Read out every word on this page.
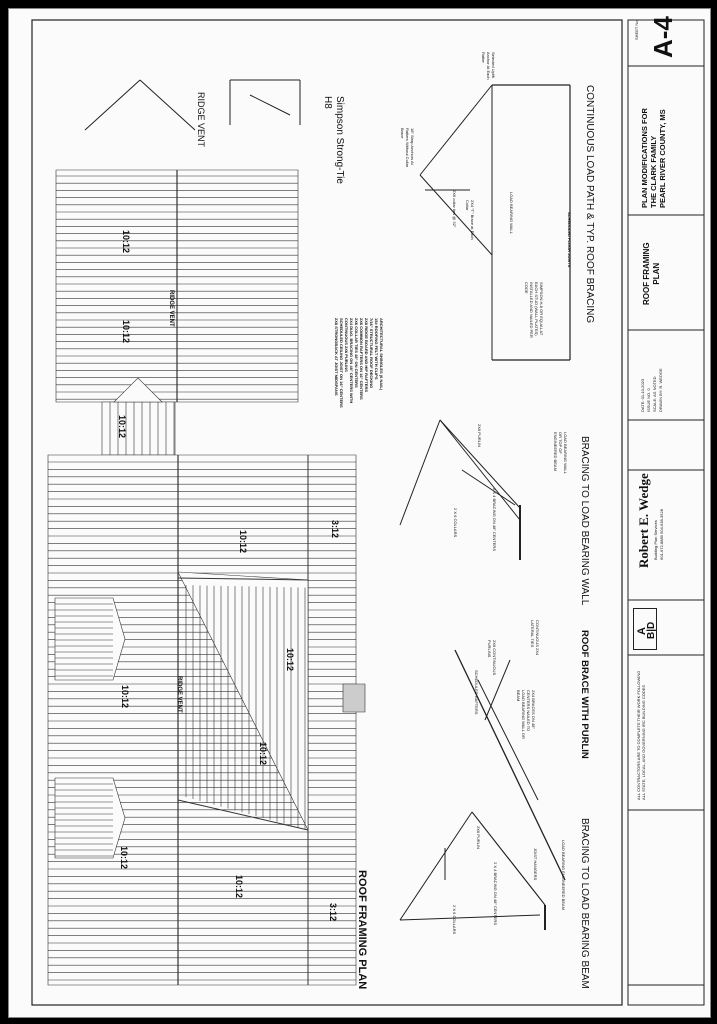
A-4
SHEET No.
PLAN MODIFICATIONS FOR THE CLARK FAMILY PEARL RIVER COUNTY, MS
ROOF FRAMING PLAN
DATE: 01-10-2023 ISSUE NO. 0 SCALE: AS NOTED DRAWN BY: R. WEDGE
Robert E. Wedge Building Plan Services 601-672-8889 504-638-3528
A
B|D
ALL CONTRACTORS ARE TO COMPLETE THEIR WORK FOLLOWING ALL STATE, LOCAL, AND GOVERNING IRC BUILDING CODES
ROOF FRAMING PLAN
RIDGE VENT
RIDGE VENT
10:12
10:12
10:12
10:12
3:12
10:12
10:12
10:12
10:12
10:12
3:12
ARCHITECTURAL SHINGLES (6 NAIL)
15# ROOFING FELT WITH CLIPS
7/16" STRUCTURAL ROOF DECKING
2X8 RIDGE BOARD AND HIP RAFTERS
2X6 COMMON RAFTERS ON 16" CENTERS
2X6 COLLAR TIES 48" ON CENTERS
2X4 DIAG. BRACING ON 48" CENTERS WITH
CONTINUOUS 2X6 PURLINS
SCHEDULED CEILING JOIST ON 16" CENTERS
2X8 STRONGBACK AT JOIST MIDSPANS
BRACING TO LOAD BEARING BEAM
BRACING TO LOAD BEARING WALL
ROOF BRACE WITH PURLIN
CONTINUOUS LOAD PATH & TYP. ROOF BRACING
Simpson Strong-Tie
H8
RIDGE VENT
2 X 6 COLLARS	2 X 4 BRACING ON 48" CENTERS
2X6 PURLIN
JOIST HANGERS	LOAD BEARING ENGINEERED BEAM
SCHEDULED RAFTERS
2X6 CONTINUOUS PURLINS	CONTINUOUS 2X4 LATERAL TIES
2X4 BRACES ON 48" CENTERS NAILED TO LOAD BEARING WALL OR BEAM
2 X 6 COLLARS	2 X 4 BRACING ON 48" CENTERS
2X6 PURLIN	LOAD BEARING WALL OR TOP OF ENGINEERED BEAM
18" Strap Anchors At Rafters Without Collar Brace
2X6 collar ties @ 32"	2X4 "T" Brace at Each Collar	LOAD BEARING WALL
SIMPSON H-8 OR EQUAL AT EACH STUD (WALL PLATES) INSTALLED AND NAILED PER CODE
SCHEDULED FLOOR JOISTS
Selected Uplift Anchor At Each Rafter
